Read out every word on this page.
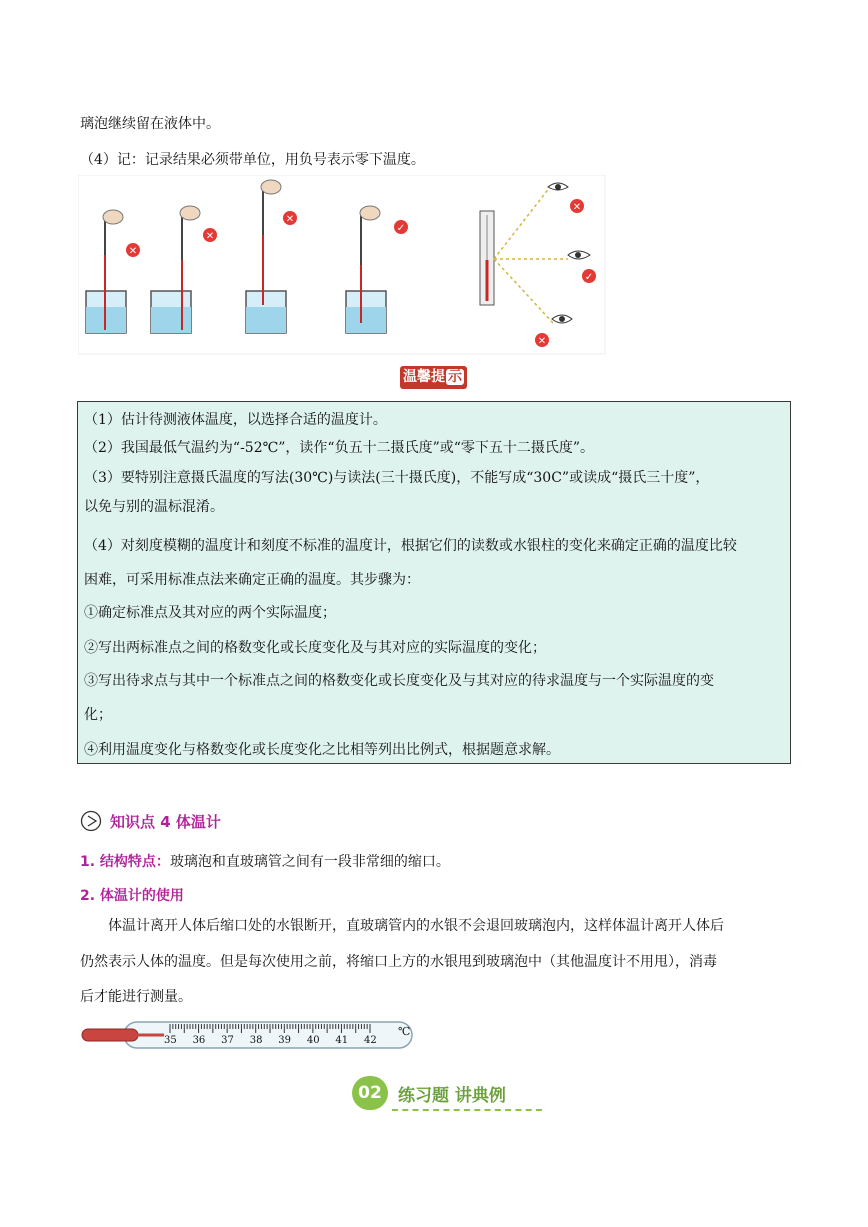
璃泡继续留在液体中。
（4）记：记录结果必须带单位，用负号表示零下温度。
✕
✕
✕
✓
✕
✓
✕
温馨提 示
（1）估计待测液体温度，以选择合适的温度计。
（2）我国最低气温约为“-52℃”，读作“负五十二摄氏度”或“零下五十二摄氏度”。
（3）要特别注意摄氏温度的写法(30℃)与读法(三十摄氏度)，不能写成“30C”或读成“摄氏三十度”，
以免与别的温标混淆。
（4）对刻度模糊的温度计和刻度不标准的温度计，根据它们的读数或水银柱的变化来确定正确的温度比较
困难，可采用标准点法来确定正确的温度。其步骤为：
①确定标准点及其对应的两个实际温度；
②写出两标准点之间的格数变化或长度变化及与其对应的实际温度的变化；
③写出待求点与其中一个标准点之间的格数变化或长度变化及与其对应的待求温度与一个实际温度的变
化；
④利用温度变化与格数变化或长度变化之比相等列出比例式，根据题意求解。
知识点 4 体温计
1. 结构特点：玻璃泡和直玻璃管之间有一段非常细的缩口。
2. 体温计的使用
体温计离开人体后缩口处的水银断开，直玻璃管内的水银不会退回玻璃泡内，这样体温计离开人体后
仍然表示人体的温度。但是每次使用之前，将缩口上方的水银甩到玻璃泡中（其他温度计不用甩），消毒
后才能进行测量。
℃
35 36 37 38 39 40 41 42
02 练习题 讲典例
